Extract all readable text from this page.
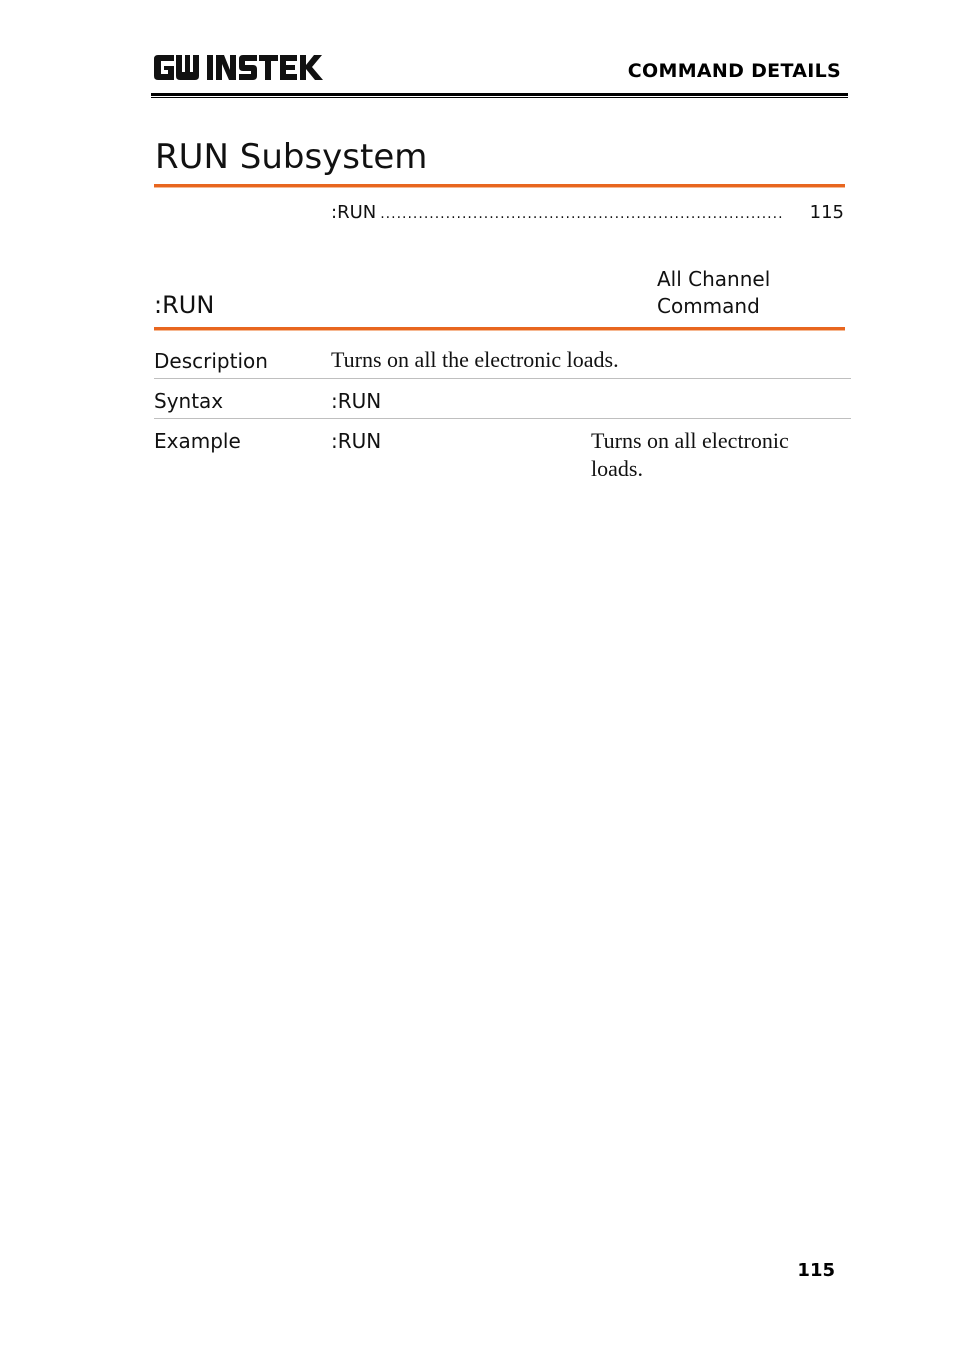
COMMAND DETAILS
RUN Subsystem
:RUN ..........................................................................	115
:RUN
All Channel
Command
Description	Turns on all the electronic loads.
Syntax	:RUN
Example	:RUN	Turns on all electronic
loads.
115
